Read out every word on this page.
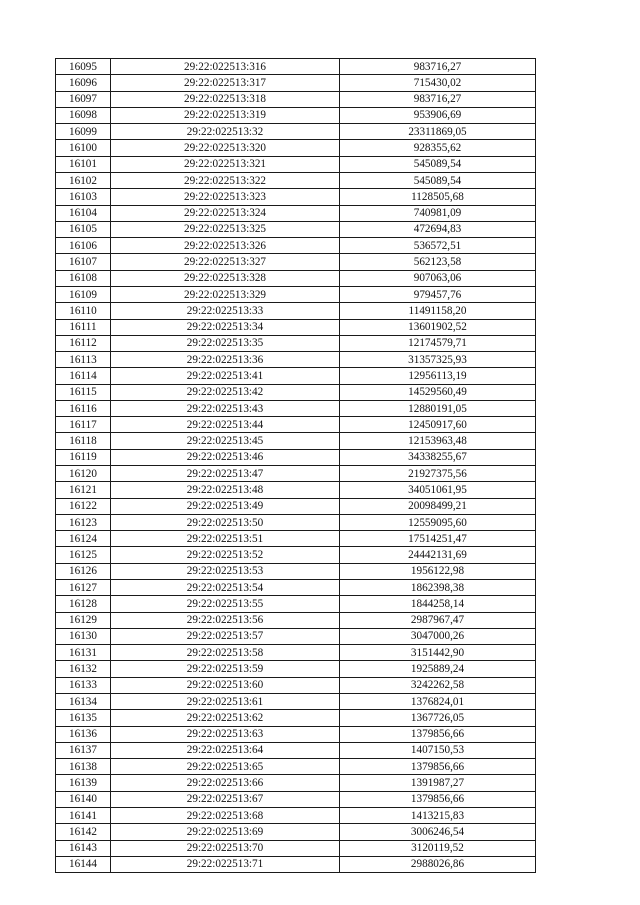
16095	29:22:022513:316	983716,27
16096	29:22:022513:317	715430,02
16097	29:22:022513:318	983716,27
16098	29:22:022513:319	953906,69
16099	29:22:022513:32	23311869,05
16100	29:22:022513:320	928355,62
16101	29:22:022513:321	545089,54
16102	29:22:022513:322	545089,54
16103	29:22:022513:323	1128505,68
16104	29:22:022513:324	740981,09
16105	29:22:022513:325	472694,83
16106	29:22:022513:326	536572,51
16107	29:22:022513:327	562123,58
16108	29:22:022513:328	907063,06
16109	29:22:022513:329	979457,76
16110	29:22:022513:33	11491158,20
16111	29:22:022513:34	13601902,52
16112	29:22:022513:35	12174579,71
16113	29:22:022513:36	31357325,93
16114	29:22:022513:41	12956113,19
16115	29:22:022513:42	14529560,49
16116	29:22:022513:43	12880191,05
16117	29:22:022513:44	12450917,60
16118	29:22:022513:45	12153963,48
16119	29:22:022513:46	34338255,67
16120	29:22:022513:47	21927375,56
16121	29:22:022513:48	34051061,95
16122	29:22:022513:49	20098499,21
16123	29:22:022513:50	12559095,60
16124	29:22:022513:51	17514251,47
16125	29:22:022513:52	24442131,69
16126	29:22:022513:53	1956122,98
16127	29:22:022513:54	1862398,38
16128	29:22:022513:55	1844258,14
16129	29:22:022513:56	2987967,47
16130	29:22:022513:57	3047000,26
16131	29:22:022513:58	3151442,90
16132	29:22:022513:59	1925889,24
16133	29:22:022513:60	3242262,58
16134	29:22:022513:61	1376824,01
16135	29:22:022513:62	1367726,05
16136	29:22:022513:63	1379856,66
16137	29:22:022513:64	1407150,53
16138	29:22:022513:65	1379856,66
16139	29:22:022513:66	1391987,27
16140	29:22:022513:67	1379856,66
16141	29:22:022513:68	1413215,83
16142	29:22:022513:69	3006246,54
16143	29:22:022513:70	3120119,52
16144	29:22:022513:71	2988026,86
